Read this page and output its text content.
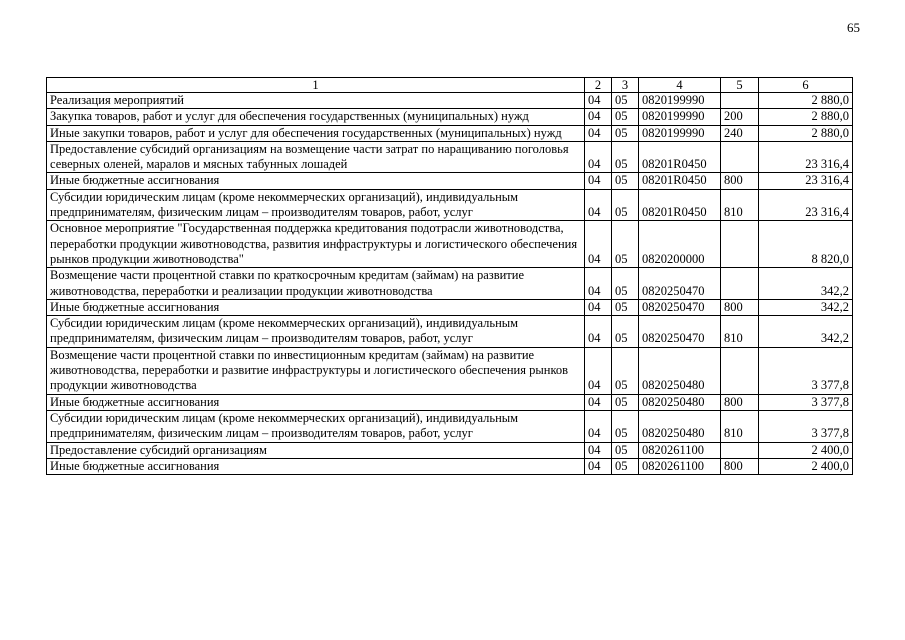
65
1	2	3	4	5	6
Реализация мероприятий	04	05	0820199990		2 880,0
Закупка товаров, работ и услуг для обеспечения государственных (муниципальных) нужд	04	05	0820199990	200	2 880,0
Иные закупки товаров, работ и услуг для обеспечения государственных (муниципальных) нужд	04	05	0820199990	240	2 880,0
Предоставление субсидий организациям на возмещение части затрат по наращиванию поголовья северных оленей, маралов и мясных табунных лошадей	04	05	08201R0450		23 316,4
Иные бюджетные ассигнования	04	05	08201R0450	800	23 316,4
Субсидии юридическим лицам (кроме некоммерческих организаций), индивидуальным предпринимателям, физическим лицам – производителям товаров, работ, услуг	04	05	08201R0450	810	23 316,4
Основное мероприятие "Государственная поддержка кредитования подотрасли животноводства, переработки продукции животноводства, развития инфраструктуры и логистического обеспечения рынков продукции животноводства"	04	05	0820200000		8 820,0
Возмещение части процентной ставки по краткосрочным кредитам (займам) на развитие животноводства, переработки и реализации продукции животноводства	04	05	0820250470		342,2
Иные бюджетные ассигнования	04	05	0820250470	800	342,2
Субсидии юридическим лицам (кроме некоммерческих организаций), индивидуальным предпринимателям, физическим лицам – производителям товаров, работ, услуг	04	05	0820250470	810	342,2
Возмещение части процентной ставки по инвестиционным кредитам (займам) на развитие животноводства, переработки и развитие инфраструктуры и логистического обеспечения рынков продукции животноводства	04	05	0820250480		3 377,8
Иные бюджетные ассигнования	04	05	0820250480	800	3 377,8
Субсидии юридическим лицам (кроме некоммерческих организаций), индивидуальным предпринимателям, физическим лицам – производителям товаров, работ, услуг	04	05	0820250480	810	3 377,8
Предоставление субсидий организациям	04	05	0820261100		2 400,0
Иные бюджетные ассигнования	04	05	0820261100	800	2 400,0
